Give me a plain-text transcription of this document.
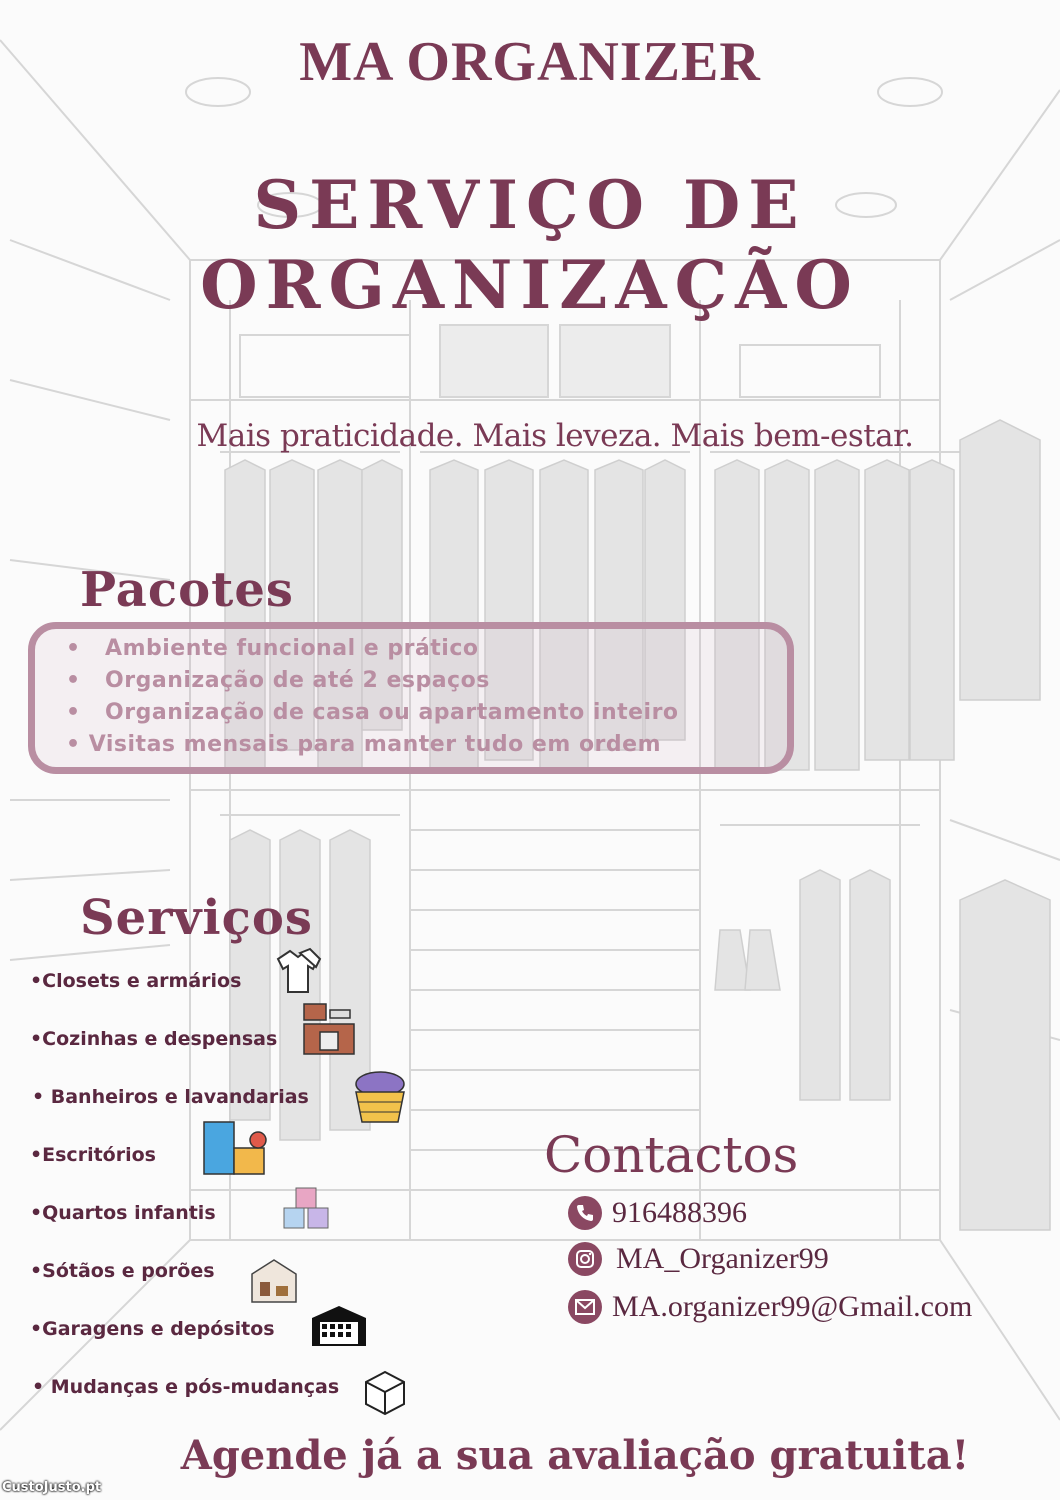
MA ORGANIZER
SERVIÇO DE
ORGANIZAÇÃO
Mais praticidade. Mais leveza. Mais bem-estar.
Pacotes
•   Ambiente funcional e prático
•   Organização de até 2 espaços
•   Organização de casa ou apartamento inteiro
• Visitas mensais para manter tudo em ordem
Serviços
•Closets e armários
•Cozinhas e despensas
• Banheiros e lavandarias
•Escritórios
•Quartos infantis
•Sótãos e porões
•Garagens e depósitos
• Mudanças e pós-mudanças
Contactos
916488396
MA_Organizer99
MA.organizer99@Gmail.com
Agende já a sua avaliação gratuita!
CustoJusto.pt
